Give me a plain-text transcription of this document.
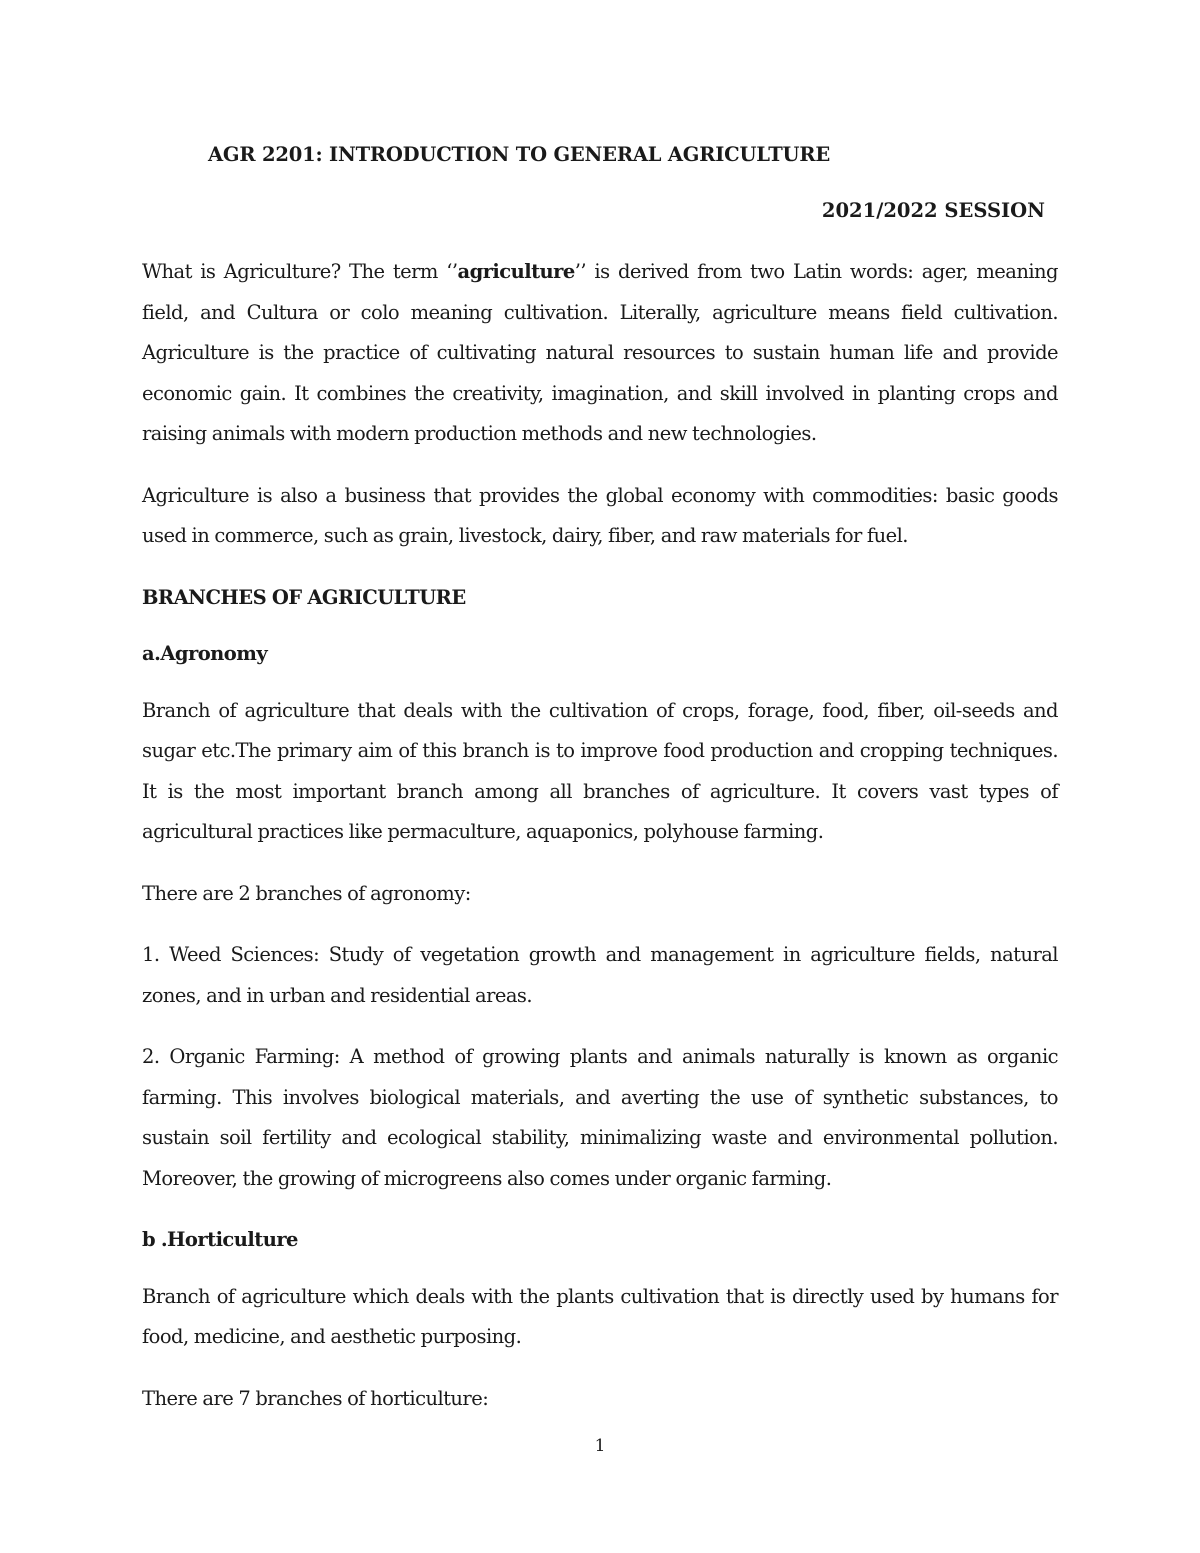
AGR 2201: INTRODUCTION TO GENERAL AGRICULTURE
2021/2022 SESSION

What is Agriculture? The term ‘’agriculture’’ is derived from two Latin words: ager, meaning field, and Cultura or colo meaning cultivation. Literally, agriculture means field cultivation. Agriculture is the practice of cultivating natural resources to sustain human life and provide economic gain. It combines the creativity, imagination, and skill involved in planting crops and raising animals with modern production methods and new technologies.

Agriculture is also a business that provides the global economy with commodities: basic goods used in commerce, such as grain, livestock, dairy, fiber, and raw materials for fuel.

BRANCHES OF AGRICULTURE

a.Agronomy

Branch of agriculture that deals with the cultivation of crops, forage, food, fiber, oil-seeds and sugar etc.The primary aim of this branch is to improve food production and cropping techniques. It is the most important branch among all branches of agriculture. It covers vast types of agricultural practices like permaculture, aquaponics, polyhouse farming.

There are 2 branches of agronomy:

1. Weed Sciences: Study of vegetation growth and management in agriculture fields, natural zones, and in urban and residential areas.

2. Organic Farming: A method of growing plants and animals naturally is known as organic farming. This involves biological materials, and averting the use of synthetic substances, to sustain soil fertility and ecological stability, minimalizing waste and environmental pollution. Moreover, the growing of microgreens also comes under organic farming.

b .Horticulture

Branch of agriculture which deals with the plants cultivation that is directly used by humans for food, medicine, and aesthetic purposing.

There are 7 branches of horticulture:

1
